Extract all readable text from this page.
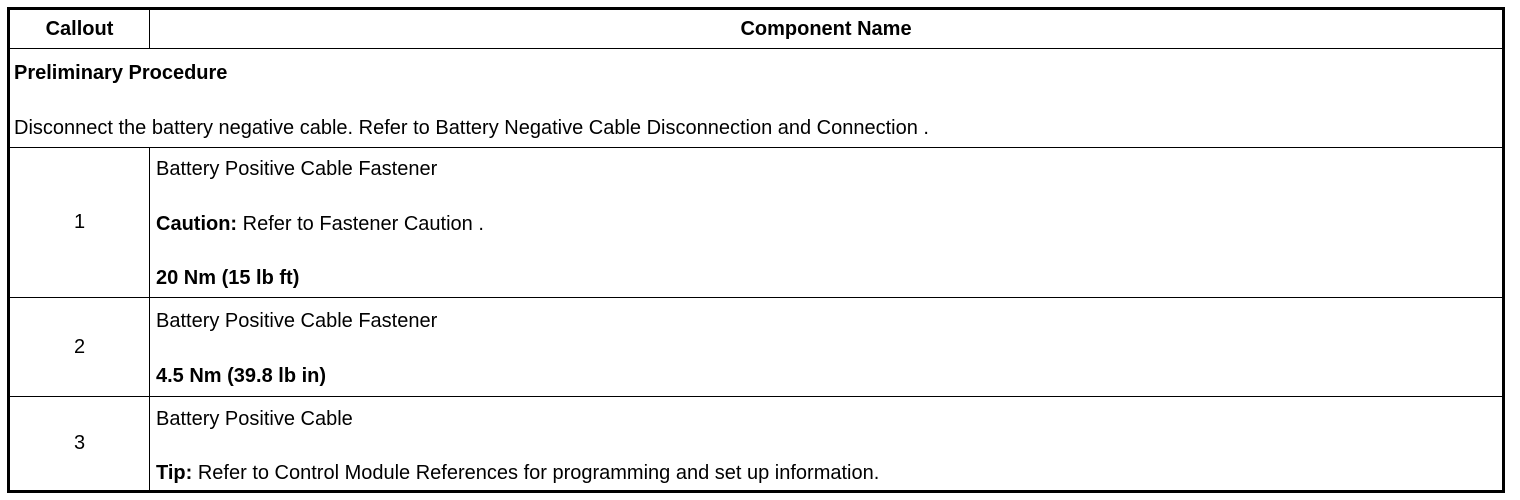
Callout	Component Name
Preliminary Procedure
Disconnect the battery negative cable. Refer to Battery Negative Cable Disconnection and Connection .
1
Battery Positive Cable Fastener
Caution: Refer to Fastener Caution .
20 Nm (15 lb ft)
2
Battery Positive Cable Fastener
4.5 Nm (39.8 lb in)
3
Battery Positive Cable
Tip: Refer to Control Module References for programming and set up information.
